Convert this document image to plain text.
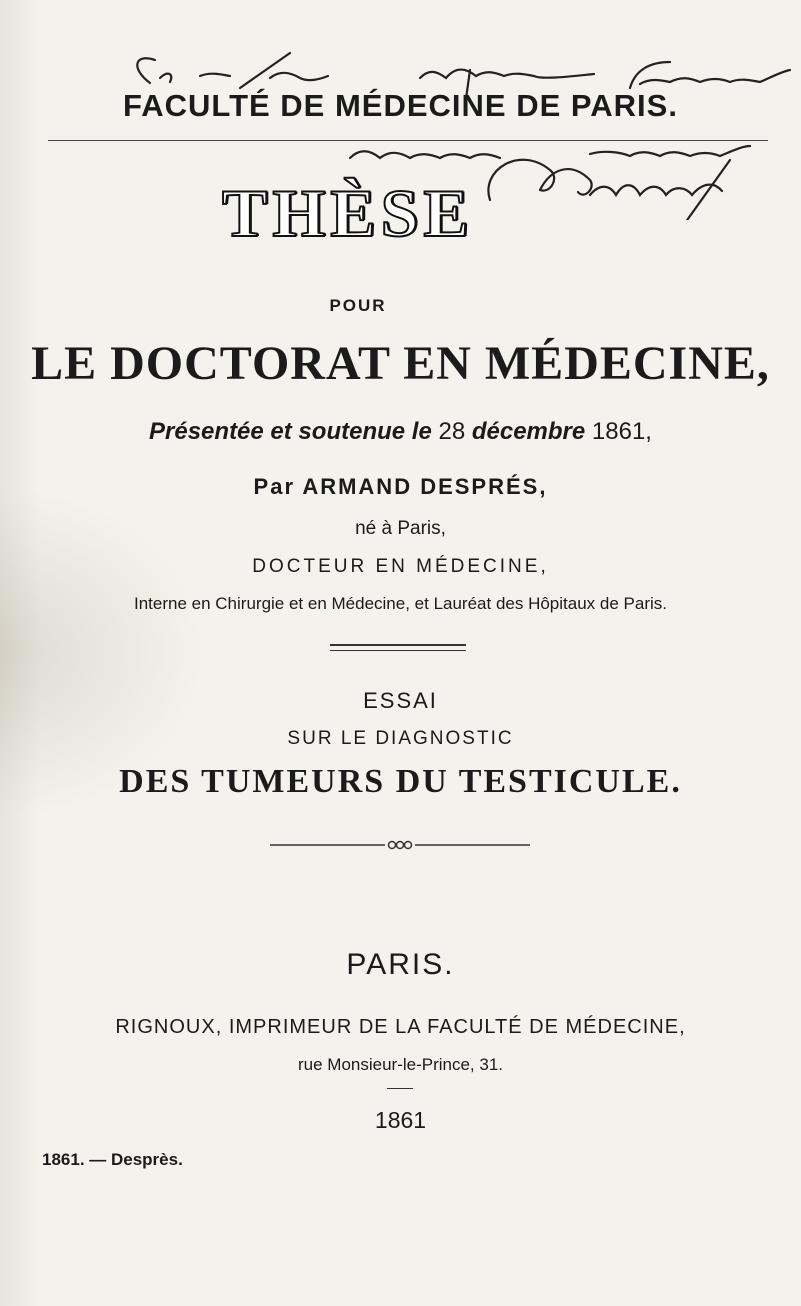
FACULTÉ DE MÉDECINE DE PARIS.
THÈSE
POUR
LE DOCTORAT EN MÉDECINE,
Présentée et soutenue le 28 décembre 1861,
Par ARMAND DESPRÉS,
né à Paris,
DOCTEUR EN MÉDECINE,
Interne en Chirurgie et en Médecine, et Lauréat des Hôpitaux de Paris.
ESSAI
SUR LE DIAGNOSTIC
DES TUMEURS DU TESTICULE.
PARIS.
RIGNOUX, IMPRIMEUR DE LA FACULTÉ DE MÉDECINE,
rue Monsieur-le-Prince, 31.
1861
1861. — Desprès.
